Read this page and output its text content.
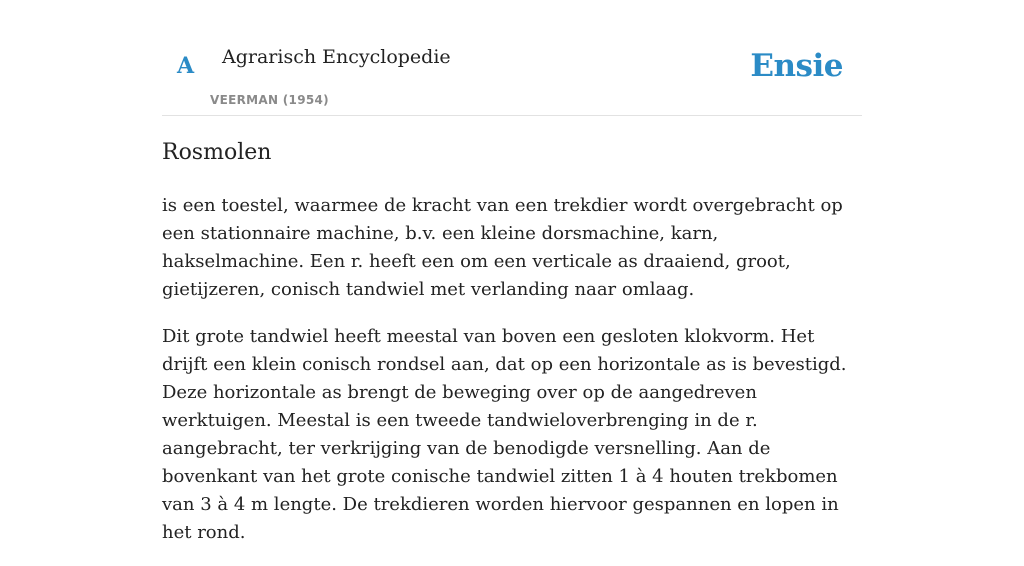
A Agrarisch Encyclopedie
VEERMAN (1954)
Ensie
Rosmolen

is een toestel, waarmee de kracht van een trekdier wordt overgebracht op een stationnaire machine, b.v. een kleine dorsmachine, karn, hakselmachine. Een r. heeft een om een verticale as draaiend, groot, gietijzeren, conisch tandwiel met verlanding naar omlaag.

Dit grote tandwiel heeft meestal van boven een gesloten klokvorm. Het drijft een klein conisch rondsel aan, dat op een horizontale as is bevestigd. Deze horizontale as brengt de beweging over op de aangedreven werktuigen. Meestal is een tweede tandwieloverbrenging in de r. aangebracht, ter verkrijging van de benodigde versnelling. Aan de bovenkant van het grote conische tandwiel zitten 1 à 4 houten trekbomen van 3 à 4 m lengte. De trekdieren worden hiervoor gespannen en lopen in het rond.
